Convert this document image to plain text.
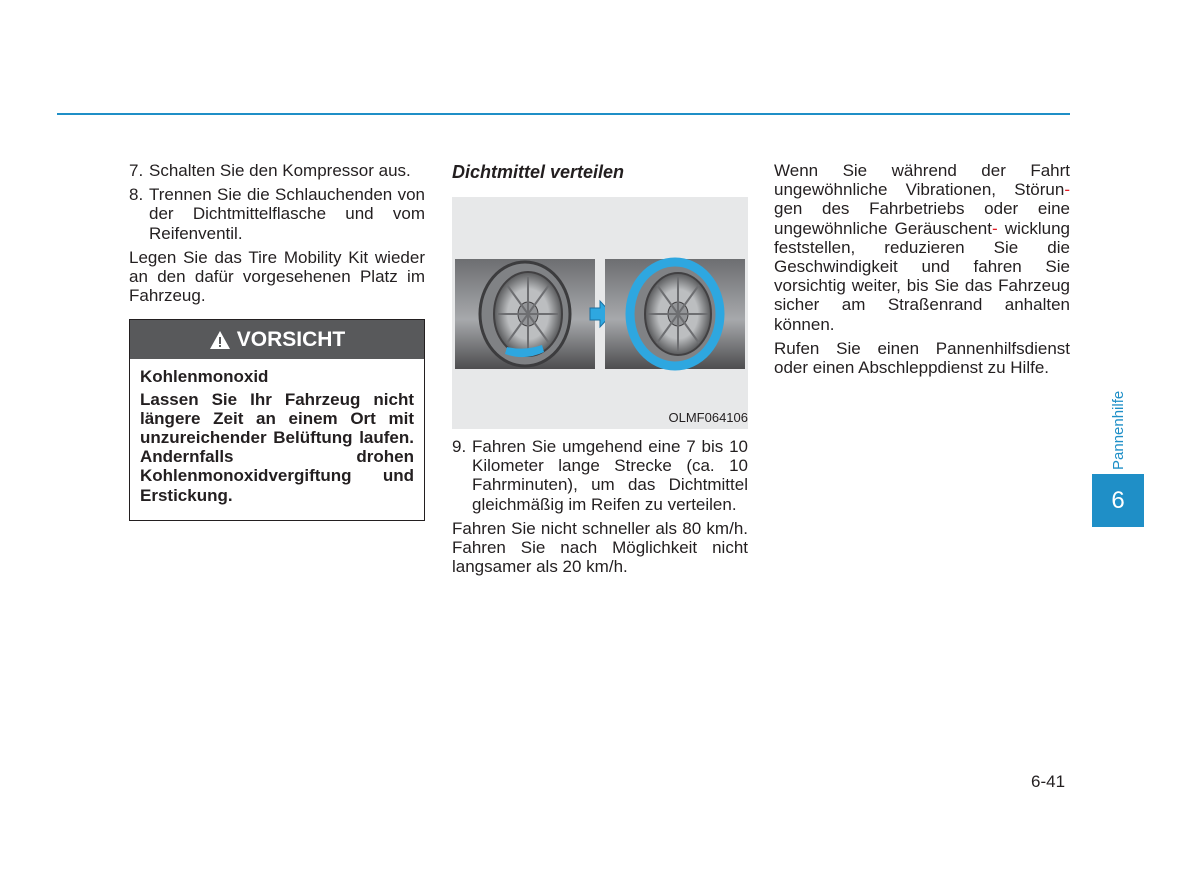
7. Schalten Sie den Kompressor aus.
8. Trennen Sie die Schlauchenden von der Dichtmittelflasche und vom Reifenventil.

Legen Sie das Tire Mobility Kit wieder an den dafür vorgesehenen Platz im Fahrzeug.

VORSICHT

Kohlenmonoxid

Lassen Sie Ihr Fahrzeug nicht längere Zeit an einem Ort mit unzureichender Belüftung laufen. Andernfalls drohen Kohlenmonoxidvergiftung und Erstickung.

Dichtmittel verteilen
OLMF064106
9. Fahren Sie umgehend eine 7 bis 10 Kilometer lange Strecke (ca. 10 Fahrminuten), um das Dichtmittel gleichmäßig im Reifen zu verteilen.

Fahren Sie nicht schneller als 80 km/h. Fahren Sie nach Möglichkeit nicht langsamer als 20 km/h.

Wenn Sie während der Fahrt ungewöhnliche Vibrationen, Störun- gen des Fahrbetriebs oder eine ungewöhnliche Geräuschent- wicklung feststellen, reduzieren Sie die Geschwindigkeit und fahren Sie vorsichtig weiter, bis Sie das Fahrzeug sicher am Straßenrand anhalten können.

Rufen Sie einen Pannenhilfsdienst oder einen Abschleppdienst zu Hilfe.

Pannenhilfe
6
6-41
